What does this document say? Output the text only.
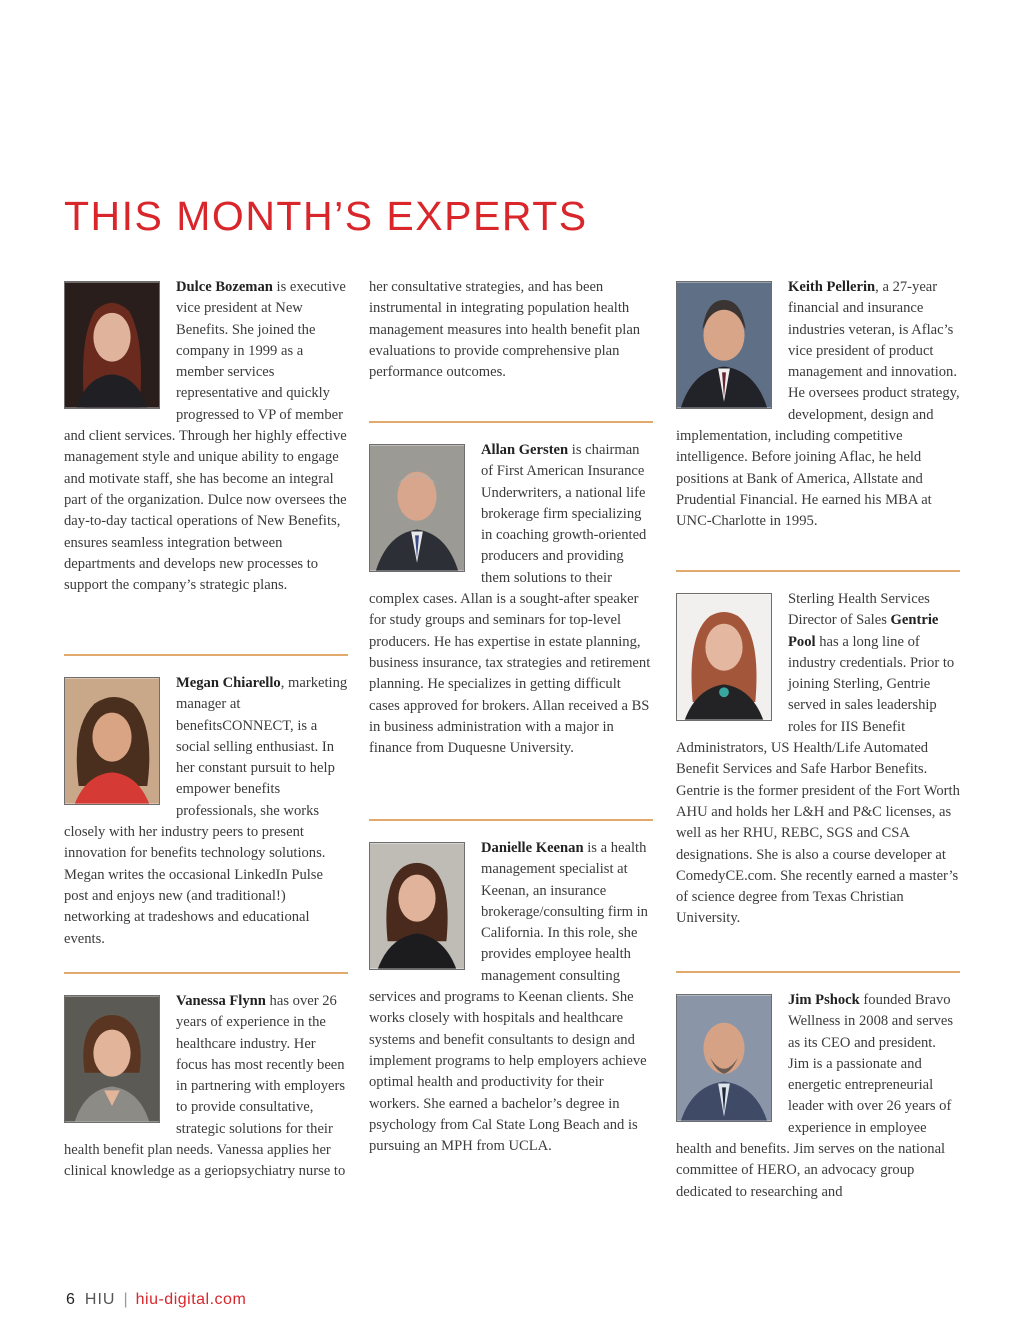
THIS MONTH’S EXPERTS

Dulce Bozeman is executive vice president at New Benefits. She joined the company in 1999 as a member services representative and quickly progressed to VP of member and client services. Through her highly effective management style and unique ability to engage and motivate staff, she has become an integral part of the organization. Dulce now oversees the day-to-day tactical operations of New Benefits, ensures seamless integration between departments and develops new processes to support the company’s strategic plans.

Megan Chiarello, marketing manager at benefitsCONNECT, is a social selling enthusiast. In her constant pursuit to help empower benefits professionals, she works closely with her industry peers to present innovation for benefits technology solutions. Megan writes the occasional LinkedIn Pulse post and enjoys new (and traditional!) networking at tradeshows and educational events.

Vanessa Flynn has over 26 years of experience in the healthcare industry. Her focus has most recently been in partnering with employers to provide consultative, strategic solutions for their health benefit plan needs. Vanessa applies her clinical knowledge as a geriopsychiatry nurse to

her consultative strategies, and has been instrumental in integrating population health management measures into health benefit plan evaluations to provide comprehensive plan performance outcomes.

Allan Gersten is chairman of First American Insurance Underwriters, a national life brokerage firm specializing in coaching growth-oriented producers and providing them solutions to their complex cases. Allan is a sought-after speaker for study groups and seminars for top-level producers. He has expertise in estate planning, business insurance, tax strategies and retirement planning. He specializes in getting difficult cases approved for brokers. Allan received a BS in business administration with a major in finance from Duquesne University.

Danielle Keenan is a health management specialist at Keenan, an insurance brokerage/consulting firm in California. In this role, she provides employee health management consulting services and programs to Keenan clients. She works closely with hospitals and healthcare systems and benefit consultants to design and implement programs to help employers achieve optimal health and productivity for their workers. She earned a bachelor’s degree in psychology from Cal State Long Beach and is pursuing an MPH from UCLA.

Keith Pellerin, a 27-year financial and insurance industries veteran, is Aflac’s vice president of product management and innovation. He oversees product strategy, development, design and implementation, including competitive intelligence. Before joining Aflac, he held positions at Bank of America, Allstate and Prudential Financial. He earned his MBA at UNC-Charlotte in 1995.

Sterling Health Services Director of Sales Gentrie Pool has a long line of industry credentials. Prior to joining Sterling, Gentrie served in sales leadership roles for IIS Benefit Administrators, US Health/Life Automated Benefit Services and Safe Harbor Benefits. Gentrie is the former president of the Fort Worth AHU and holds her L&H and P&C licenses, as well as her RHU, REBC, SGS and CSA designations. She is also a course developer at ComedyCE.com. She recently earned a master’s of science degree from Texas Christian University.

Jim Pshock founded Bravo Wellness in 2008 and serves as its CEO and president. Jim is a passionate and energetic entrepreneurial leader with over 26 years of experience in employee health and benefits. Jim serves on the national committee of HERO, an advocacy group dedicated to researching and

6 HIU | hiu-digital.com
